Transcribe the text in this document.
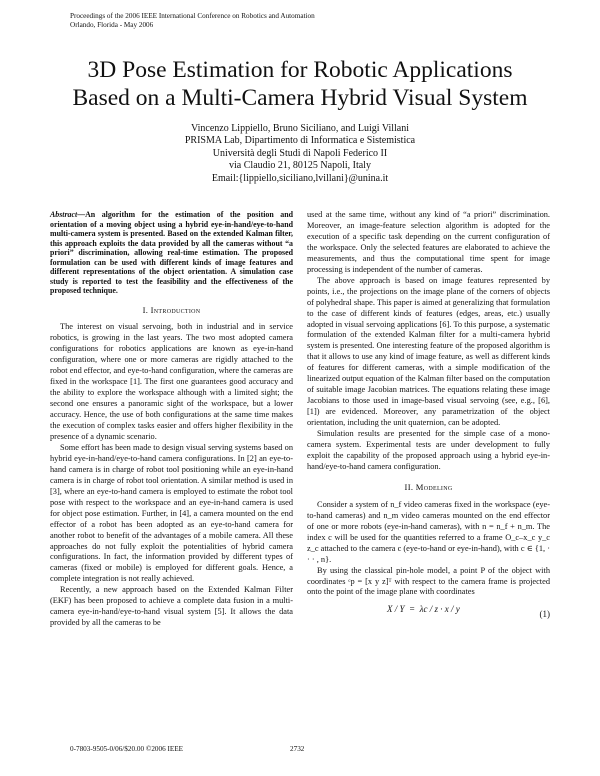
Proceedings of the 2006 IEEE International Conference on Robotics and Automation
Orlando, Florida - May 2006
3D Pose Estimation for Robotic Applications
Based on a Multi-Camera Hybrid Visual System
Vincenzo Lippiello, Bruno Siciliano, and Luigi Villani
PRISMA Lab, Dipartimento di Informatica e Sistemistica
Università degli Studi di Napoli Federico II
via Claudio 21, 80125 Napoli, Italy
Email:{lippiello,siciliano,lvillani}@unina.it

Abstract—An algorithm for the estimation of the position and orientation of a moving object using a hybrid eye-in-hand/eye-to-hand multi-camera system is presented. Based on the extended Kalman filter, this approach exploits the data provided by all the cameras without “a priori” discrimination, allowing real-time estimation. The proposed formulation can be used with different kinds of image features and different representations of the object orientation. A simulation case study is reported to test the feasibility and the effectiveness of the proposed technique.

I. Introduction

The interest on visual servoing, both in industrial and in service robotics, is growing in the last years. The two most adopted camera configurations for robotics applications are known as eye-in-hand configuration, where one or more cameras are rigidly attached to the robot end effector, and eye-to-hand configuration, where the cameras are fixed in the workspace [1]. The first one guarantees good accuracy and the ability to explore the workspace although with a limited sight; the second one ensures a panoramic sight of the workspace, but a lower accuracy. Hence, the use of both configurations at the same time makes the execution of complex tasks easier and offers higher flexibility in the presence of a dynamic scenario.

Some effort has been made to design visual serving systems based on hybrid eye-in-hand/eye-to-hand camera configurations. In [2] an eye-to-hand camera is in charge of robot tool positioning while an eye-in-hand camera is in charge of robot tool orientation. A similar method is used in [3], where an eye-to-hand camera is employed to estimate the robot tool pose with respect to the workspace and an eye-in-hand camera is used for object pose estimation. Further, in [4], a camera mounted on the end effector of a robot has been adopted as an eye-to-hand camera for another robot to benefit of the advantages of a mobile camera. All these approaches do not fully exploit the potentialities of hybrid camera configurations. In fact, the information provided by different types of cameras (fixed or mobile) is employed for different goals. Hence, a complete integration is not really achieved.

Recently, a new approach based on the Extended Kalman Filter (EKF) has been proposed to achieve a complete data fusion in a multi-camera eye-in-hand/eye-to-hand visual system [5]. It allows the data provided by all the cameras to be

used at the same time, without any kind of “a priori” discrimination. Moreover, an image-feature selection algorithm is adopted for the execution of a specific task depending on the current configuration of the workspace. Only the selected features are elaborated to achieve the measurements, and thus the computational time spent for image processing is independent of the number of cameras.

The above approach is based on image features represented by points, i.e., the projections on the image plane of the corners of objects of polyhedral shape. This paper is aimed at generalizing that formulation to the case of different kinds of features (edges, areas, etc.) usually adopted in visual servoing applications [6]. To this purpose, a systematic formulation of the extended Kalman filter for a multi-camera hybrid system is presented. One interesting feature of the proposed algorithm is that it allows to use any kind of image feature, as well as different kinds of features for different cameras, with a simple modification of the linearized output equation of the Kalman filter based on the computation of suitable image Jacobian matrices. The equations relating these image Jacobians to those used in image-based visual servoing (see, e.g., [6], [1]) are evidenced. Moreover, any parametrization of the object orientation, including the unit quaternion, can be adopted.

Simulation results are presented for the simple case of a mono-camera system. Experimental tests are under development to fully exploit the capability of the proposed approach using a hybrid eye-in-hand/eye-to-hand camera configuration.

II. Modeling

Consider a system of n_f video cameras fixed in the workspace (eye-to-hand cameras) and n_m video cameras mounted on the end effector of one or more robots (eye-in-hand cameras), with n = n_f + n_m. The index c will be used for the quantities referred to a frame O_c–x_c y_c z_c attached to the camera c (eye-to-hand or eye-in-hand), with c ∈ {1, · · · , n}.

By using the classical pin-hole model, a point P of the object with coordinates ᶜp = [x y z]ᵀ with respect to the camera frame is projected onto the point of the image plane with coordinates

X / Y  =  λc / z · x / y	(1)
0-7803-9505-0/06/$20.00 ©2006 IEEE	2732
